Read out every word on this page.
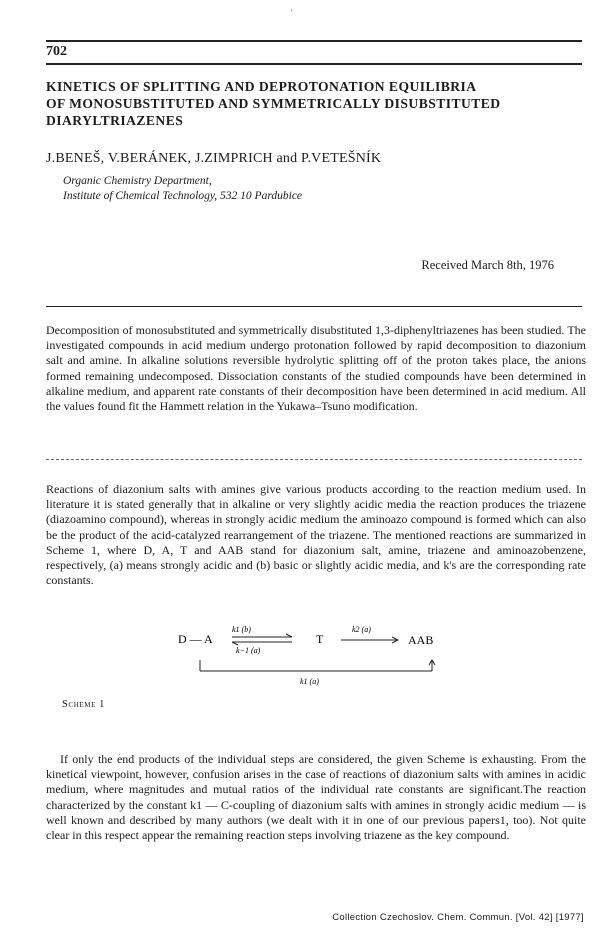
'
702
KINETICS OF SPLITTING AND DEPROTONATION EQUILIBRIA
OF MONOSUBSTITUTED AND SYMMETRICALLY DISUBSTITUTED
DIARYLTRIAZENES
J.BENEŠ, V.BERÁNEK, J.ZIMPRICH and P.VETEŠNÍK
Organic Chemistry Department,
Institute of Chemical Technology, 532 10 Pardubice
Received March 8th, 1976

Decomposition of monosubstituted and symmetrically disubstituted 1,3-diphenyltriazenes has been studied. The investigated compounds in acid medium undergo protonation followed by rapid decomposition to diazonium salt and amine. In alkaline solutions reversible hydrolytic splitting off of the proton takes place, the anions formed remaining undecomposed. Dissociation constants of the studied compounds have been determined in alkaline medium, and apparent rate constants of their decomposition have been determined in acid medium. All the values found fit the Hammett relation in the Yukawa–Tsuno modification.

Reactions of diazonium salts with amines give various products according to the reaction medium used. In literature it is stated generally that in alkaline or very slightly acidic media the reaction produces the triazene (diazoamino compound), whereas in strongly acidic medium the aminoazo compound is formed which can also be the product of the acid-catalyzed rearrangement of the triazene. The mentioned reactions are summarized in Scheme 1, where D, A, T and AAB stand for diazonium salt, amine, triazene and aminoazobenzene, respectively, (a) means strongly acidic and (b) basic or slightly acidic media, and k's are the corresponding rate constants.

D — A
k1 (b)
k−1 (a)
T
k2 (a)
AAB
k1 (a)
Scheme 1

If only the end products of the individual steps are considered, the given Scheme is exhausting. From the kinetical viewpoint, however, confusion arises in the case of reactions of diazonium salts with amines in acidic medium, where magnitudes and mutual ratios of the individual rate constants are significant.The reaction characterized by the constant k1 — C-coupling of diazonium salts with amines in strongly acidic medium — is well known and described by many authors (we dealt with it in one of our previous papers1, too). Not quite clear in this respect appear the remaining reaction steps involving triazene as the key compound.

Collection Czechoslov. Chem. Commun. [Vol. 42] [1977]
